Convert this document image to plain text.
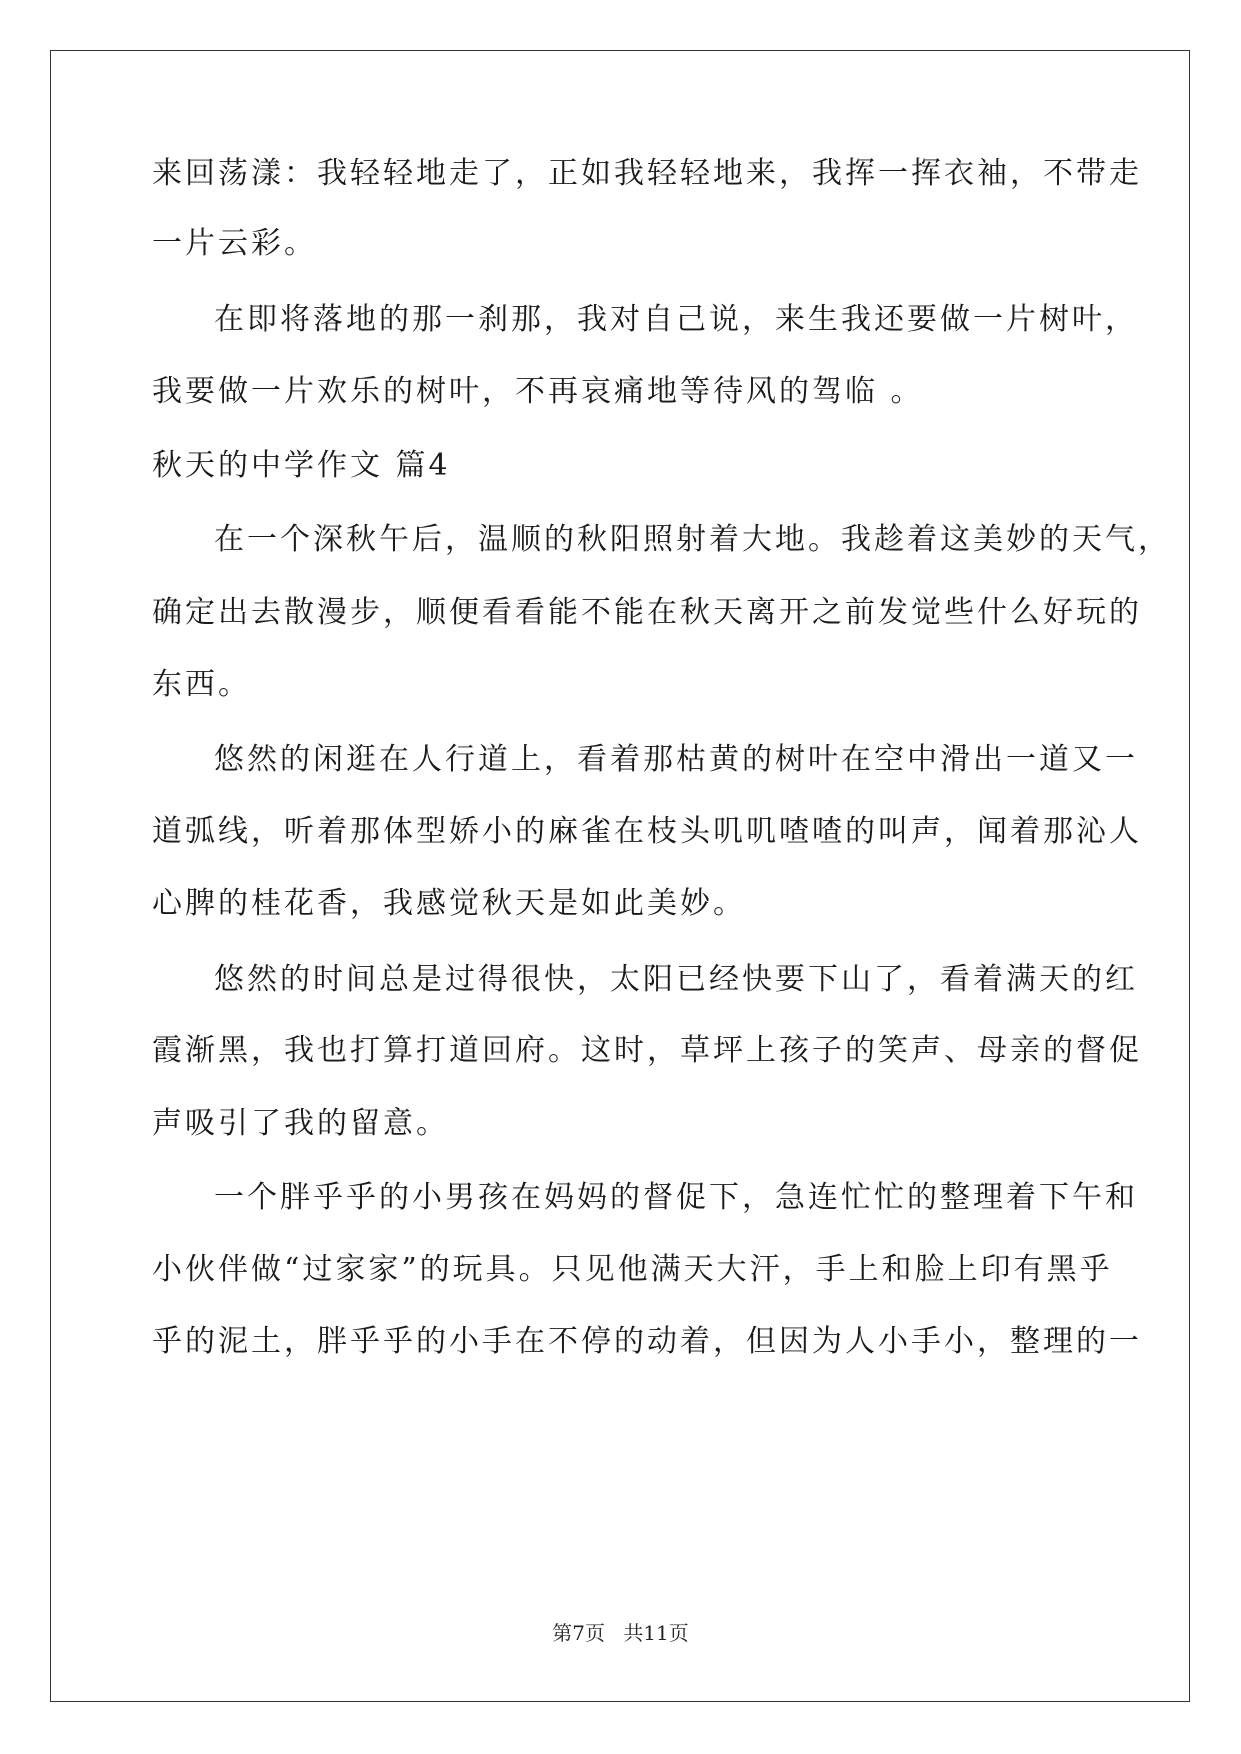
来回荡漾：我轻轻地走了，正如我轻轻地来，我挥一挥衣袖，不带走
一片云彩。
在即将落地的那一刹那，我对自己说，来生我还要做一片树叶，
我要做一片欢乐的树叶，不再哀痛地等待风的驾临 。
秋天的中学作文 篇4
在一个深秋午后，温顺的秋阳照射着大地。我趁着这美妙的天气，
确定出去散漫步，顺便看看能不能在秋天离开之前发觉些什么好玩的
东西。
悠然的闲逛在人行道上，看着那枯黄的树叶在空中滑出一道又一
道弧线，听着那体型娇小的麻雀在枝头叽叽喳喳的叫声，闻着那沁人
心脾的桂花香，我感觉秋天是如此美妙。
悠然的时间总是过得很快，太阳已经快要下山了，看着满天的红
霞渐黑，我也打算打道回府。这时，草坪上孩子的笑声、母亲的督促
声吸引了我的留意。
一个胖乎乎的小男孩在妈妈的督促下，急连忙忙的整理着下午和
小伙伴做“过家家”的玩具。只见他满天大汗，手上和脸上印有黑乎
乎的泥土，胖乎乎的小手在不停的动着，但因为人小手小，整理的一
第7页 共11页
